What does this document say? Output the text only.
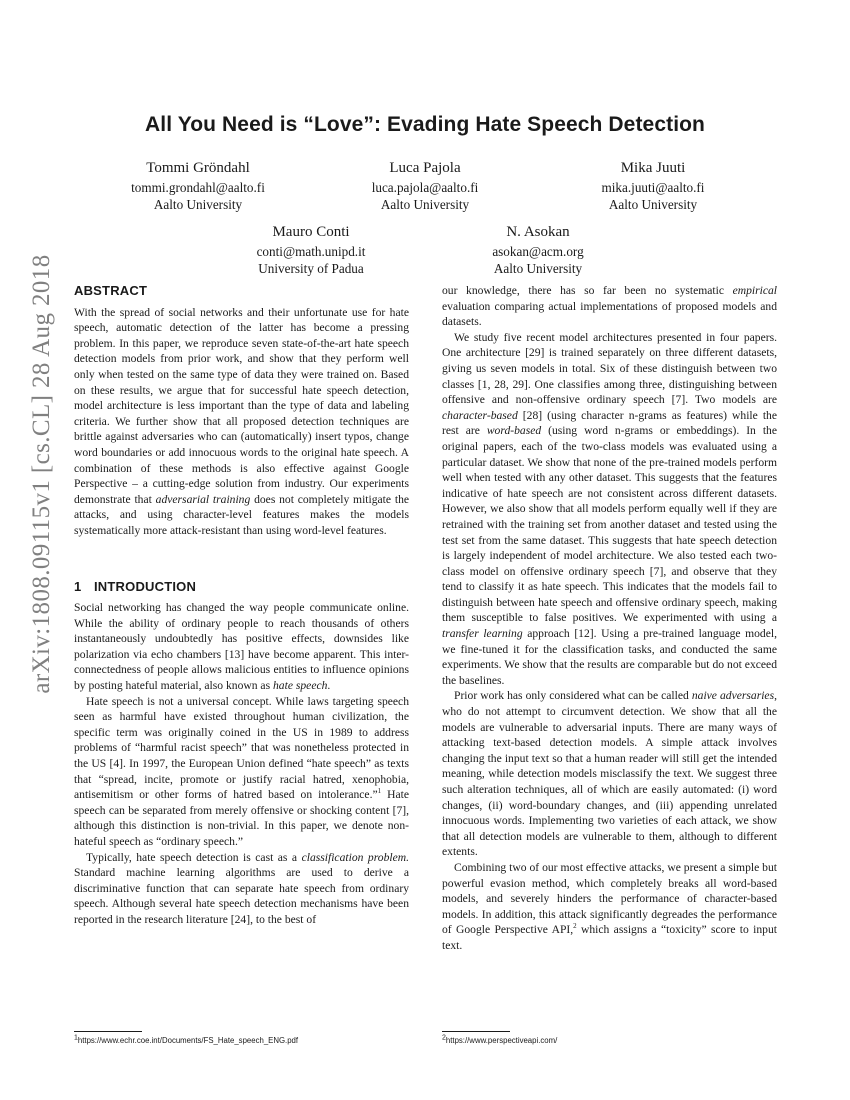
arXiv:1808.09115v1 [cs.CL] 28 Aug 2018
All You Need is “Love”: Evading Hate Speech Detection
Tommi Gröndahl
tommi.grondahl@aalto.fi
Aalto University
Luca Pajola
luca.pajola@aalto.fi
Aalto University
Mika Juuti
mika.juuti@aalto.fi
Aalto University
Mauro Conti
conti@math.unipd.it
University of Padua
N. Asokan
asokan@acm.org
Aalto University
ABSTRACT

With the spread of social networks and their unfortunate use for hate speech, automatic detection of the latter has become a pressing problem. In this paper, we reproduce seven state-of-the-art hate speech detection models from prior work, and show that they perform well only when tested on the same type of data they were trained on. Based on these results, we argue that for successful hate speech detection, model architecture is less important than the type of data and labeling criteria. We further show that all proposed detection techniques are brittle against adversaries who can (automatically) insert typos, change word boundaries or add innocuous words to the original hate speech. A combination of these methods is also effective against Google Perspective – a cutting-edge solution from industry. Our experiments demonstrate that adversarial training does not completely mitigate the attacks, and using character-level features makes the models systematically more attack-resistant than using word-level features.

1 INTRODUCTION

Social networking has changed the way people communicate online. While the ability of ordinary people to reach thousands of others instantaneously undoubtedly has positive effects, downsides like polarization via echo chambers [13] have become apparent. This inter-connectedness of people allows malicious entities to influence opinions by posting hateful material, also known as hate speech.

Hate speech is not a universal concept. While laws targeting speech seen as harmful have existed throughout human civilization, the specific term was originally coined in the US in 1989 to address problems of “harmful racist speech” that was nonetheless protected in the US [4]. In 1997, the European Union defined “hate speech” as texts that “spread, incite, promote or justify racial hatred, xenophobia, antisemitism or other forms of hatred based on intolerance.”$^1$ Hate speech can be separated from merely offensive or shocking content [7], although this distinction is non-trivial. In this paper, we denote non-hateful speech as “ordinary speech.”

Typically, hate speech detection is cast as a classification problem. Standard machine learning algorithms are used to derive a discriminative function that can separate hate speech from ordinary speech. Although several hate speech detection mechanisms have been reported in the research literature [24], to the best of

our knowledge, there has so far been no systematic empirical evaluation comparing actual implementations of proposed models and datasets.

We study five recent model architectures presented in four papers. One architecture [29] is trained separately on three different datasets, giving us seven models in total. Six of these distinguish between two classes [1, 28, 29]. One classifies among three, distinguishing between offensive and non-offensive ordinary speech [7]. Two models are character-based [28] (using character n-grams as features) while the rest are word-based (using word n-grams or embeddings). In the original papers, each of the two-class models was evaluated using a particular dataset. We show that none of the pre-trained models perform well when tested with any other dataset. This suggests that the features indicative of hate speech are not consistent across different datasets. However, we also show that all models perform equally well if they are retrained with the training set from another dataset and tested using the test set from the same dataset. This suggests that hate speech detection is largely independent of model architecture. We also tested each two-class model on offensive ordinary speech [7], and observe that they tend to classify it as hate speech. This indicates that the models fail to distinguish between hate speech and offensive ordinary speech, making them susceptible to false positives. We experimented with using a transfer learning approach [12]. Using a pre-trained language model, we fine-tuned it for the classification tasks, and conducted the same experiments. We show that the results are comparable but do not exceed the baselines.

Prior work has only considered what can be called naive adversaries, who do not attempt to circumvent detection. We show that all the models are vulnerable to adversarial inputs. There are many ways of attacking text-based detection models. A simple attack involves changing the input text so that a human reader will still get the intended meaning, while detection models misclassify the text. We suggest three such alteration techniques, all of which are easily automated: (i) word changes, (ii) word-boundary changes, and (iii) appending unrelated innocuous words. Implementing two varieties of each attack, we show that all detection models are vulnerable to them, although to different extents.

Combining two of our most effective attacks, we present a simple but powerful evasion method, which completely breaks all word-based models, and severely hinders the performance of character-based models. In addition, this attack significantly degreades the performance of Google Perspective API,$^2$ which assigns a “toxicity” score to input text.

$^1$https://www.echr.coe.int/Documents/FS_Hate_speech_ENG.pdf	$^2$https://www.perspectiveapi.com/
